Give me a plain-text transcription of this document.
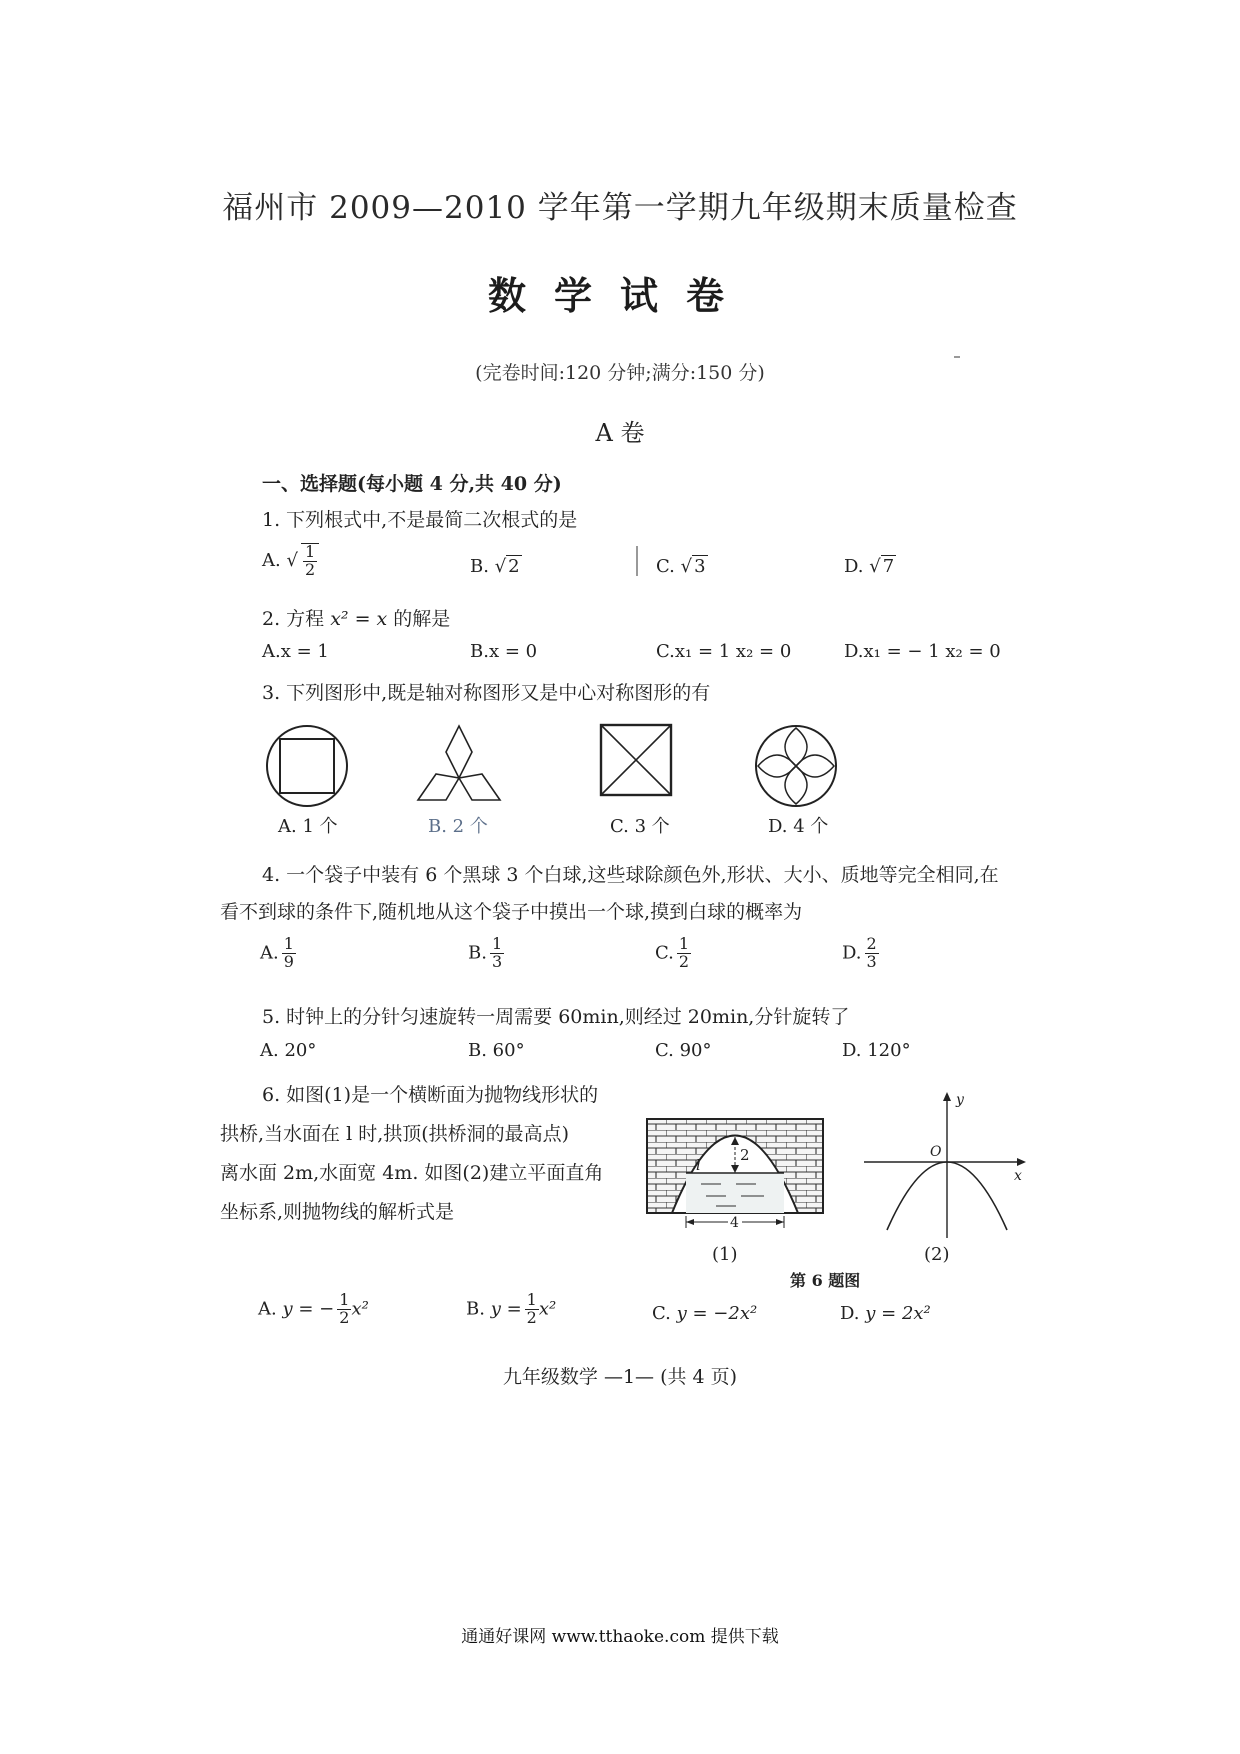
福州市 2009—2010 学年第一学期九年级期末质量检查
数学试卷
(完卷时间:120 分钟;满分:150 分)
A 卷
一、选择题(每小题 4 分,共 40 分)
1. 下列根式中,不是最简二次根式的是
A. √ $\frac{1}{2}$	B. √ 2	C. √ 3	D. √ 7
2. 方程 x² = x 的解是
A.x = 1	B.x = 0	C.x₁ = 1 x₂ = 0	D.x₁ = − 1 x₂ = 0
3. 下列图形中,既是轴对称图形又是中心对称图形的有
A. 1 个	B. 2 个	C. 3 个	D. 4 个
4. 一个袋子中装有 6 个黑球 3 个白球,这些球除颜色外,形状、大小、质地等完全相同,在
看不到球的条件下,随机地从这个袋子中摸出一个球,摸到白球的概率为
A. $\frac{1}{9}$	B. $\frac{1}{3}$	C. $\frac{1}{2}$	D. $\frac{2}{3}$
5. 时钟上的分针匀速旋转一周需要 60min,则经过 20min,分针旋转了
A. 20°	B. 60°	C. 90°	D. 120°
6. 如图(1)是一个横断面为抛物线形状的
拱桥,当水面在 l 时,拱顶(拱桥洞的最高点)
离水面 2m,水面宽 4m. 如图(2)建立平面直角
坐标系,则抛物线的解析式是
2
l
4
y
x
O
(1)	(2)
第 6 题图
A. y = − $\frac{1}{2} x^2$	B. $y = \frac{1}{2} x^2$	C. y = −2x²	D. y = 2x²
九年级数学 —1— (共 4 页)
通通好课网 www.tthaoke.com 提供下载
